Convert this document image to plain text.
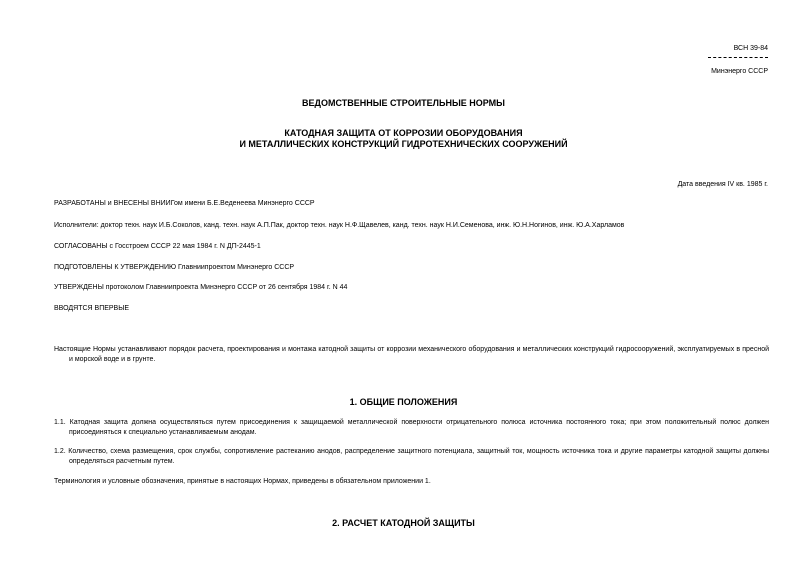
ВСН 39-84
Минэнерго СССР
ВЕДОМСТВЕННЫЕ СТРОИТЕЛЬНЫЕ НОРМЫ
КАТОДНАЯ ЗАЩИТА ОТ КОРРОЗИИ ОБОРУДОВАНИЯ
И МЕТАЛЛИЧЕСКИХ КОНСТРУКЦИЙ ГИДРОТЕХНИЧЕСКИХ СООРУЖЕНИЙ
Дата введения IV кв. 1985 г.
РАЗРАБОТАНЫ и ВНЕСЕНЫ ВНИИГом имени Б.Е.Веденеева Минэнерго СССР
Исполнители: доктор техн. наук И.Б.Соколов, канд. техн. наук А.П.Пак, доктор техн. наук Н.Ф.Щавелев, канд. техн. наук Н.И.Семенова, инж. Ю.Н.Ногинов, инж. Ю.А.Харламов
СОГЛАСОВАНЫ с Госстроем СССР 22 мая 1984 г. N ДП-2445-1
ПОДГОТОВЛЕНЫ К УТВЕРЖДЕНИЮ Главниипроектом Минэнерго СССР
УТВЕРЖДЕНЫ протоколом Главниипроекта Минэнерго СССР от 26 сентября 1984 г. N 44
ВВОДЯТСЯ ВПЕРВЫЕ
Настоящие Нормы устанавливают порядок расчета, проектирования и монтажа катодной защиты от коррозии механического оборудования и металлических конструкций гидросооружений, эксплуатируемых в пресной и морской воде и в грунте.
1. ОБЩИЕ ПОЛОЖЕНИЯ
1.1. Катодная защита должна осуществляться путем присоединения к защищаемой металлической поверхности отрицательного полюса источника постоянного тока; при этом положительный полюс должен присоединяться к специально устанавливаемым анодам.
1.2. Количество, схема размещения, срок службы, сопротивление растеканию анодов, распределение защитного потенциала, защитный ток, мощность источника тока и другие параметры катодной защиты должны определяться расчетным путем.
Терминология и условные обозначения, принятые в настоящих Нормах, приведены в обязательном приложении 1.
2. РАСЧЕТ КАТОДНОЙ ЗАЩИТЫ
